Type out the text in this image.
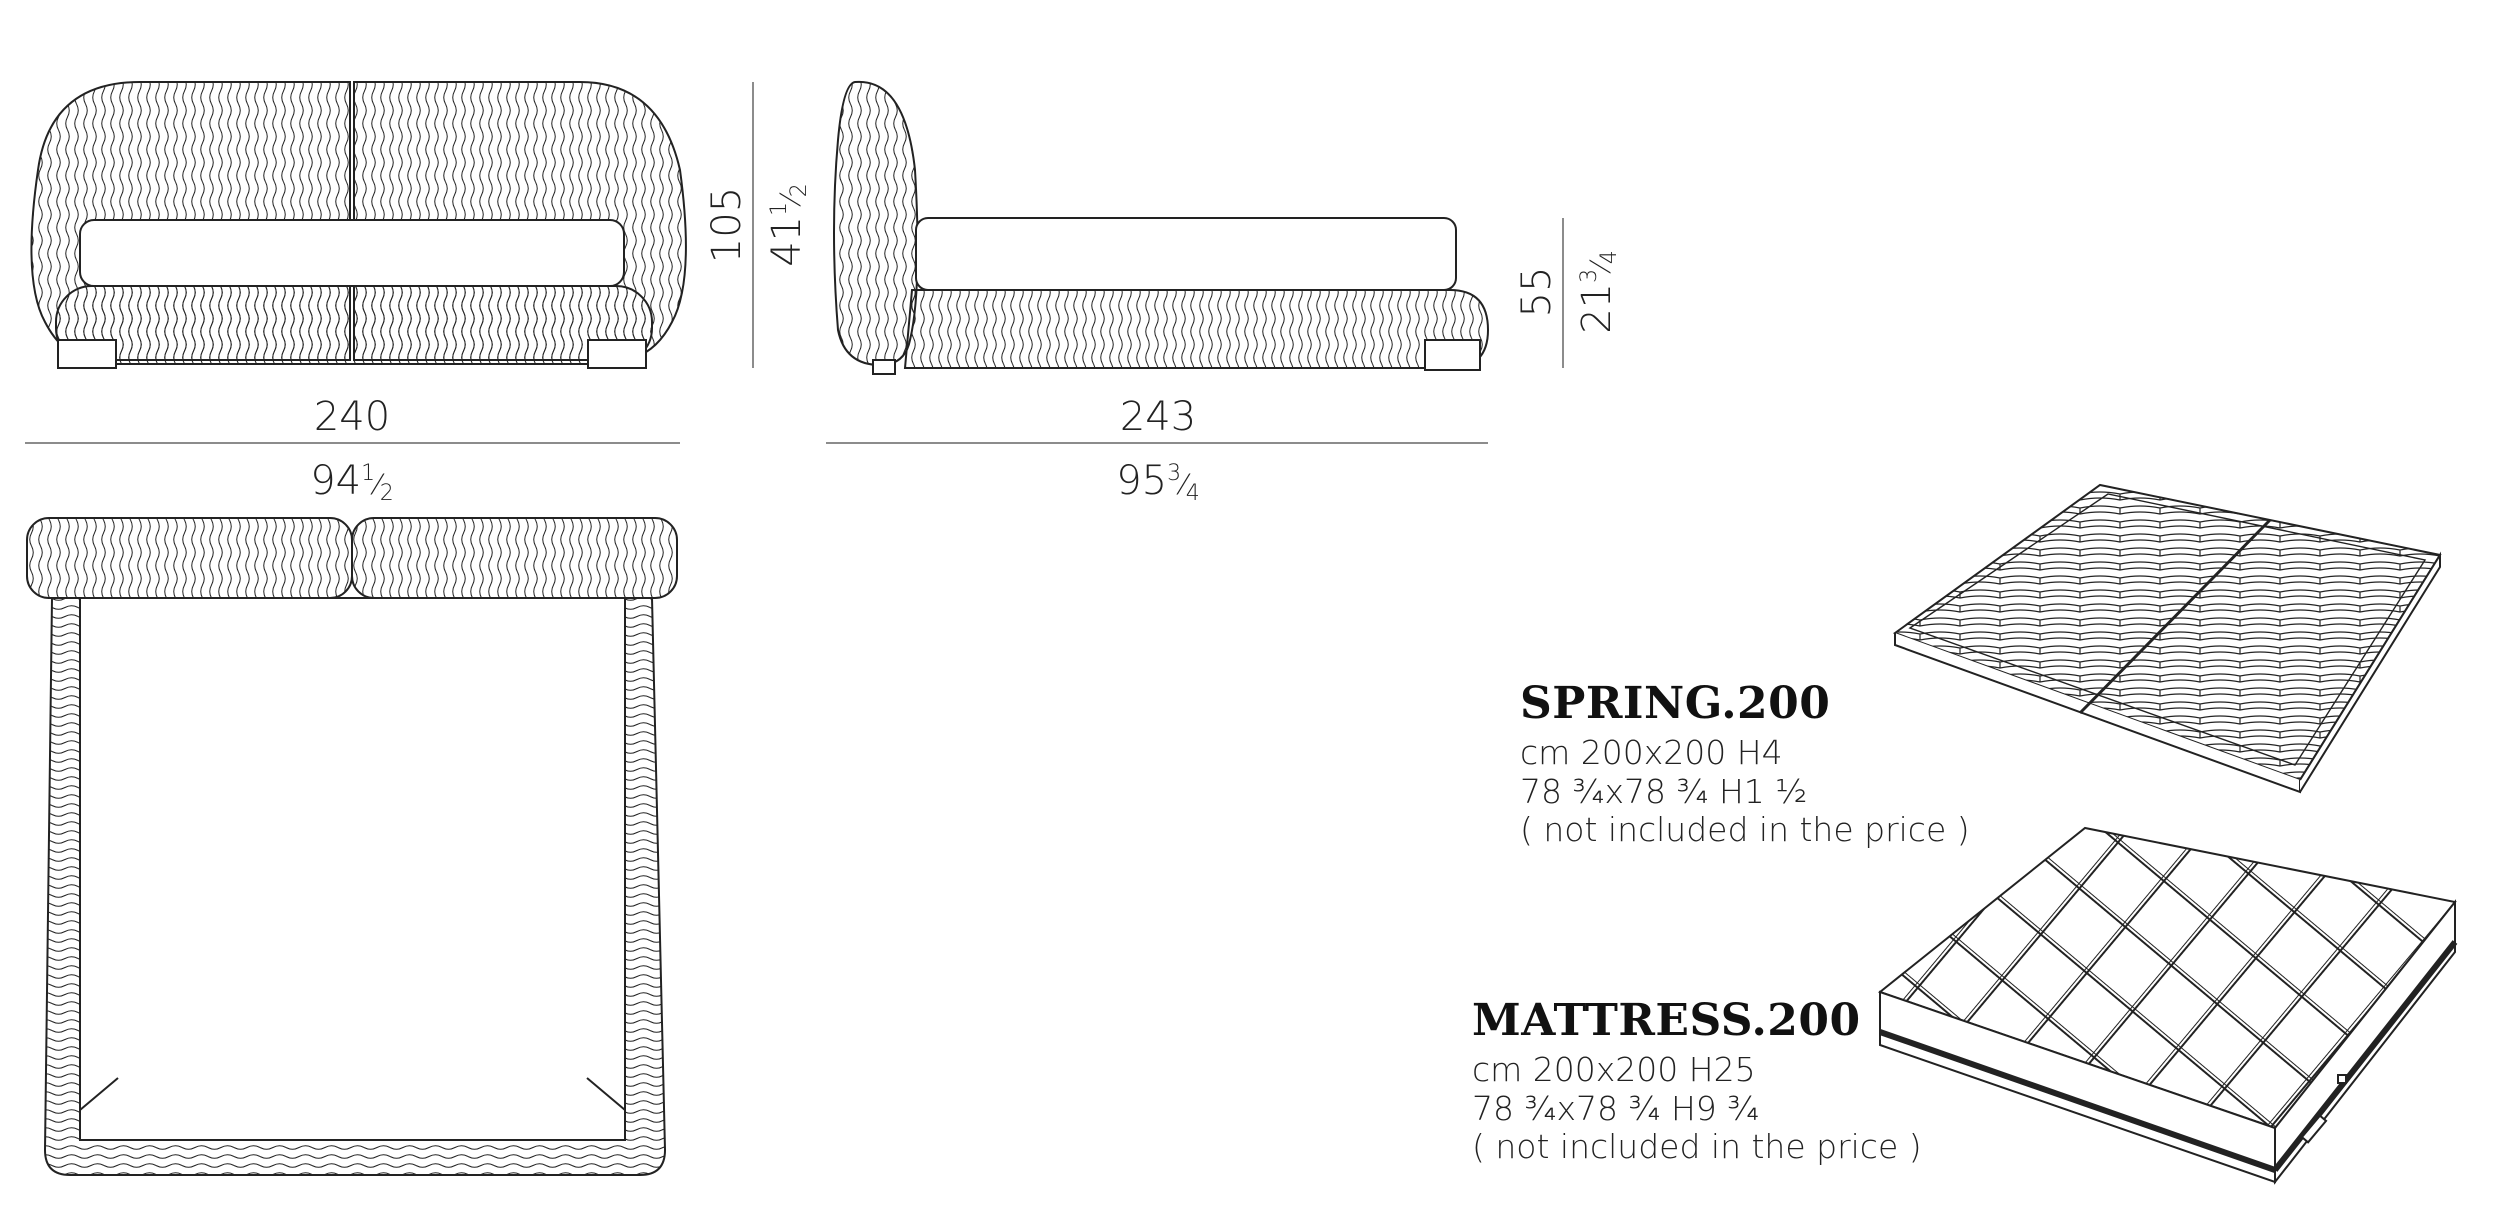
240
$94^1_⁄2$
105 $41^1_⁄2$
243
$95^3_⁄4$
55 $21^3_⁄4$
SPRING.200
cm 200x200 H4
78 ¾x78 ¾ H1 ½
( not included in the price )
MATTRESS.200
cm 200x200 H25
78 ¾x78 ¾ H9 ¾
( not included in the price )
